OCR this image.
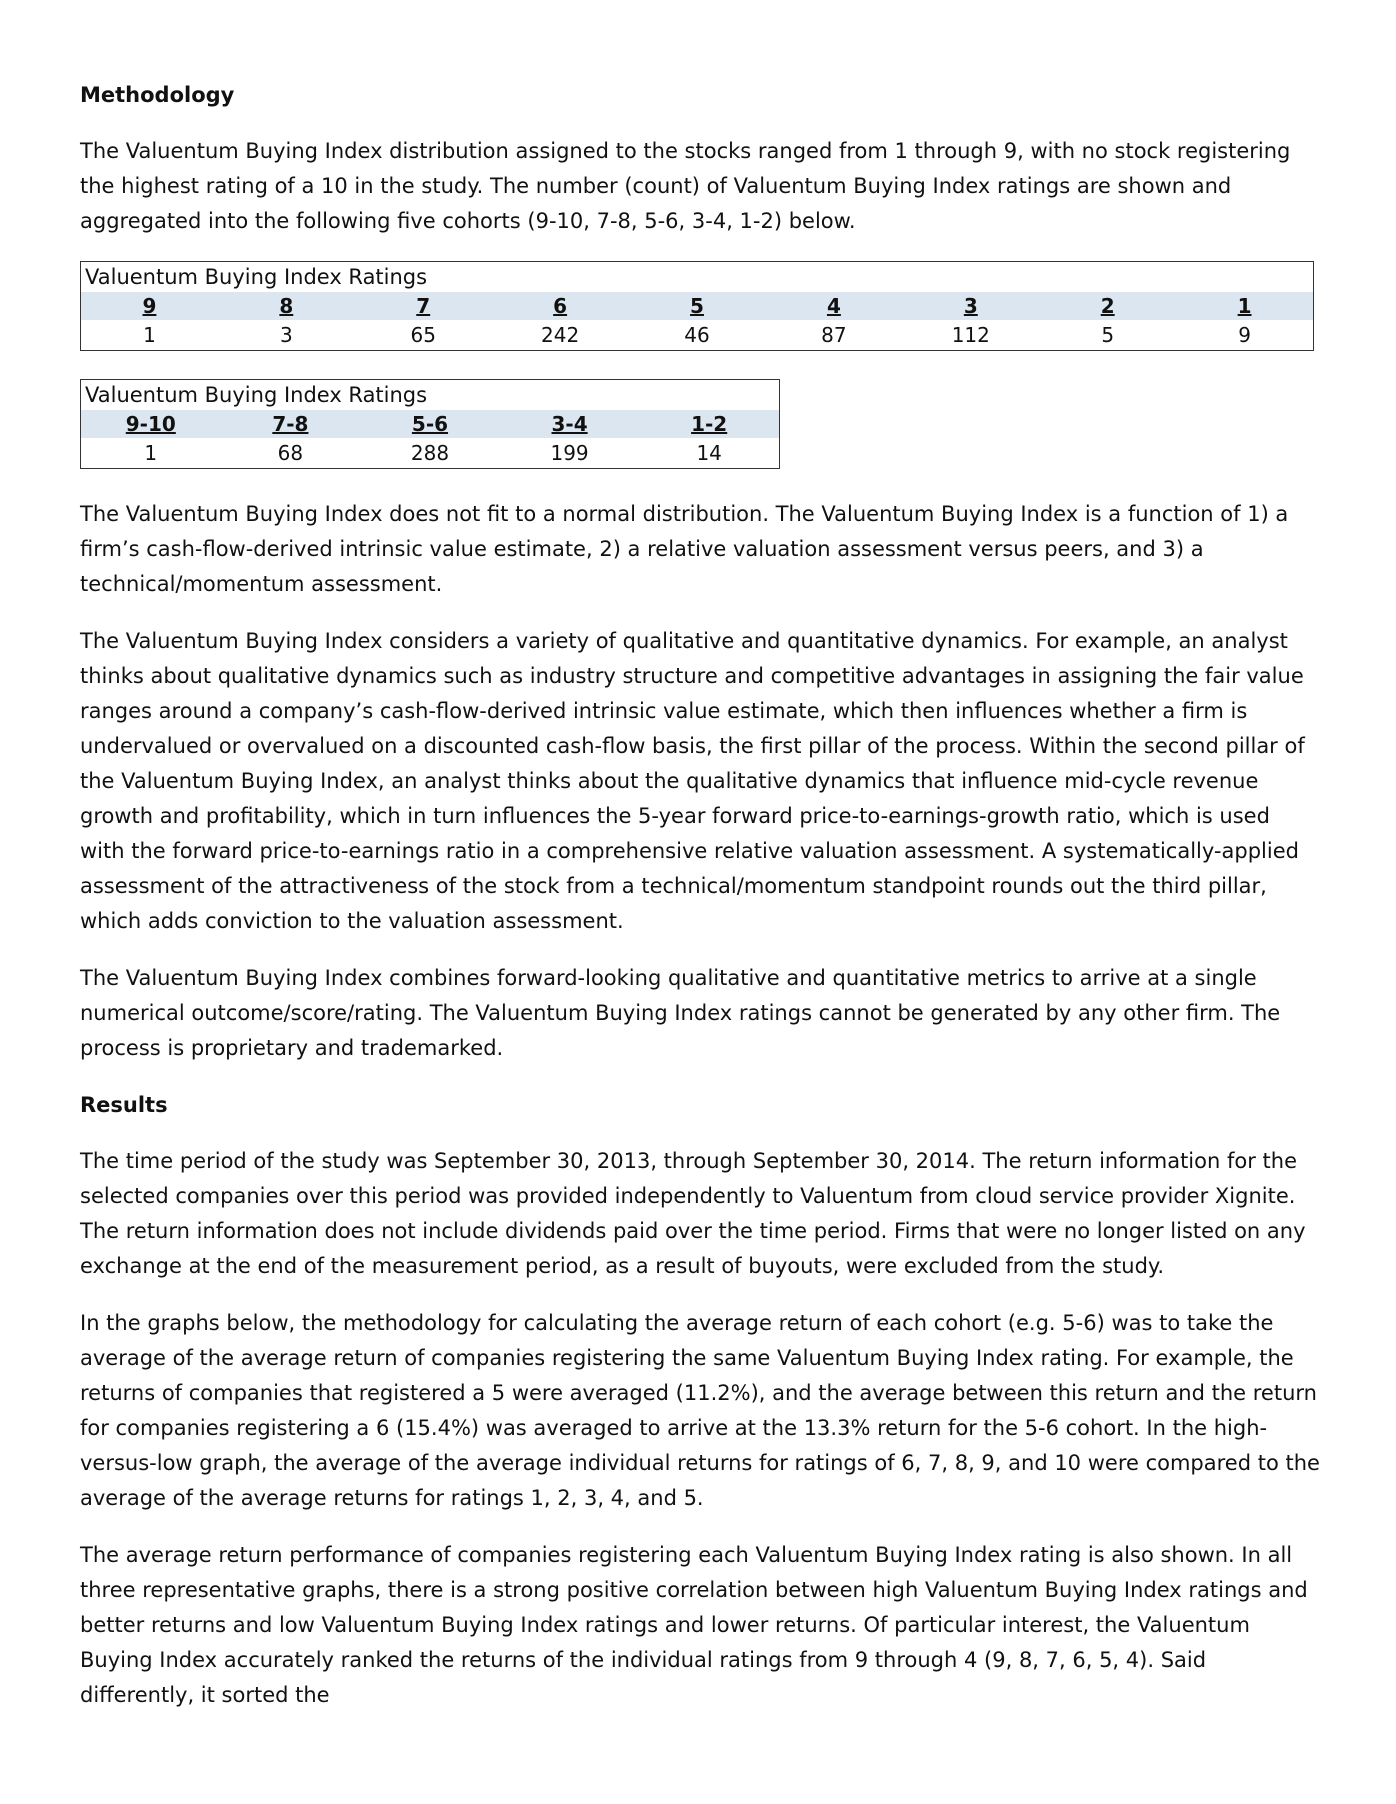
Methodology

The Valuentum Buying Index distribution assigned to the stocks ranged from 1 through 9, with no stock registering the highest rating of a 10 in the study. The number (count) of Valuentum Buying Index ratings are shown and aggregated into the following five cohorts (9-10, 7-8, 5-6, 3-4, 1-2) below.

Valuentum Buying Index Ratings
9	8	7	6	5	4	3	2	1
1	3	65	242	46	87	112	5	9
Valuentum Buying Index Ratings
9-10	7-8	5-6	3-4	1-2
1	68	288	199	14

The Valuentum Buying Index does not fit to a normal distribution. The Valuentum Buying Index is a function of 1) a firm’s cash-flow-derived intrinsic value estimate, 2) a relative valuation assessment versus peers, and 3) a technical/momentum assessment.

The Valuentum Buying Index considers a variety of qualitative and quantitative dynamics. For example, an analyst thinks about qualitative dynamics such as industry structure and competitive advantages in assigning the fair value ranges around a company’s cash-flow-derived intrinsic value estimate, which then influences whether a firm is undervalued or overvalued on a discounted cash-flow basis, the first pillar of the process. Within the second pillar of the Valuentum Buying Index, an analyst thinks about the qualitative dynamics that influence mid-cycle revenue growth and profitability, which in turn influences the 5-year forward price-to-earnings-growth ratio, which is used with the forward price-to-earnings ratio in a comprehensive relative valuation assessment. A systematically-applied assessment of the attractiveness of the stock from a technical/momentum standpoint rounds out the third pillar, which adds conviction to the valuation assessment.

The Valuentum Buying Index combines forward-looking qualitative and quantitative metrics to arrive at a single numerical outcome/score/rating. The Valuentum Buying Index ratings cannot be generated by any other firm. The process is proprietary and trademarked.

Results

The time period of the study was September 30, 2013, through September 30, 2014. The return information for the selected companies over this period was provided independently to Valuentum from cloud service provider Xignite. The return information does not include dividends paid over the time period. Firms that were no longer listed on any exchange at the end of the measurement period, as a result of buyouts, were excluded from the study.

In the graphs below, the methodology for calculating the average return of each cohort (e.g. 5-6) was to take the average of the average return of companies registering the same Valuentum Buying Index rating. For example, the returns of companies that registered a 5 were averaged (11.2%), and the average between this return and the return for companies registering a 6 (15.4%) was averaged to arrive at the 13.3% return for the 5-6 cohort. In the high-versus-low graph, the average of the average individual returns for ratings of 6, 7, 8, 9, and 10 were compared to the average of the average returns for ratings 1, 2, 3, 4, and 5.

The average return performance of companies registering each Valuentum Buying Index rating is also shown. In all three representative graphs, there is a strong positive correlation between high Valuentum Buying Index ratings and better returns and low Valuentum Buying Index ratings and lower returns. Of particular interest, the Valuentum Buying Index accurately ranked the returns of the individual ratings from 9 through 4 (9, 8, 7, 6, 5, 4). Said differently, it sorted the
